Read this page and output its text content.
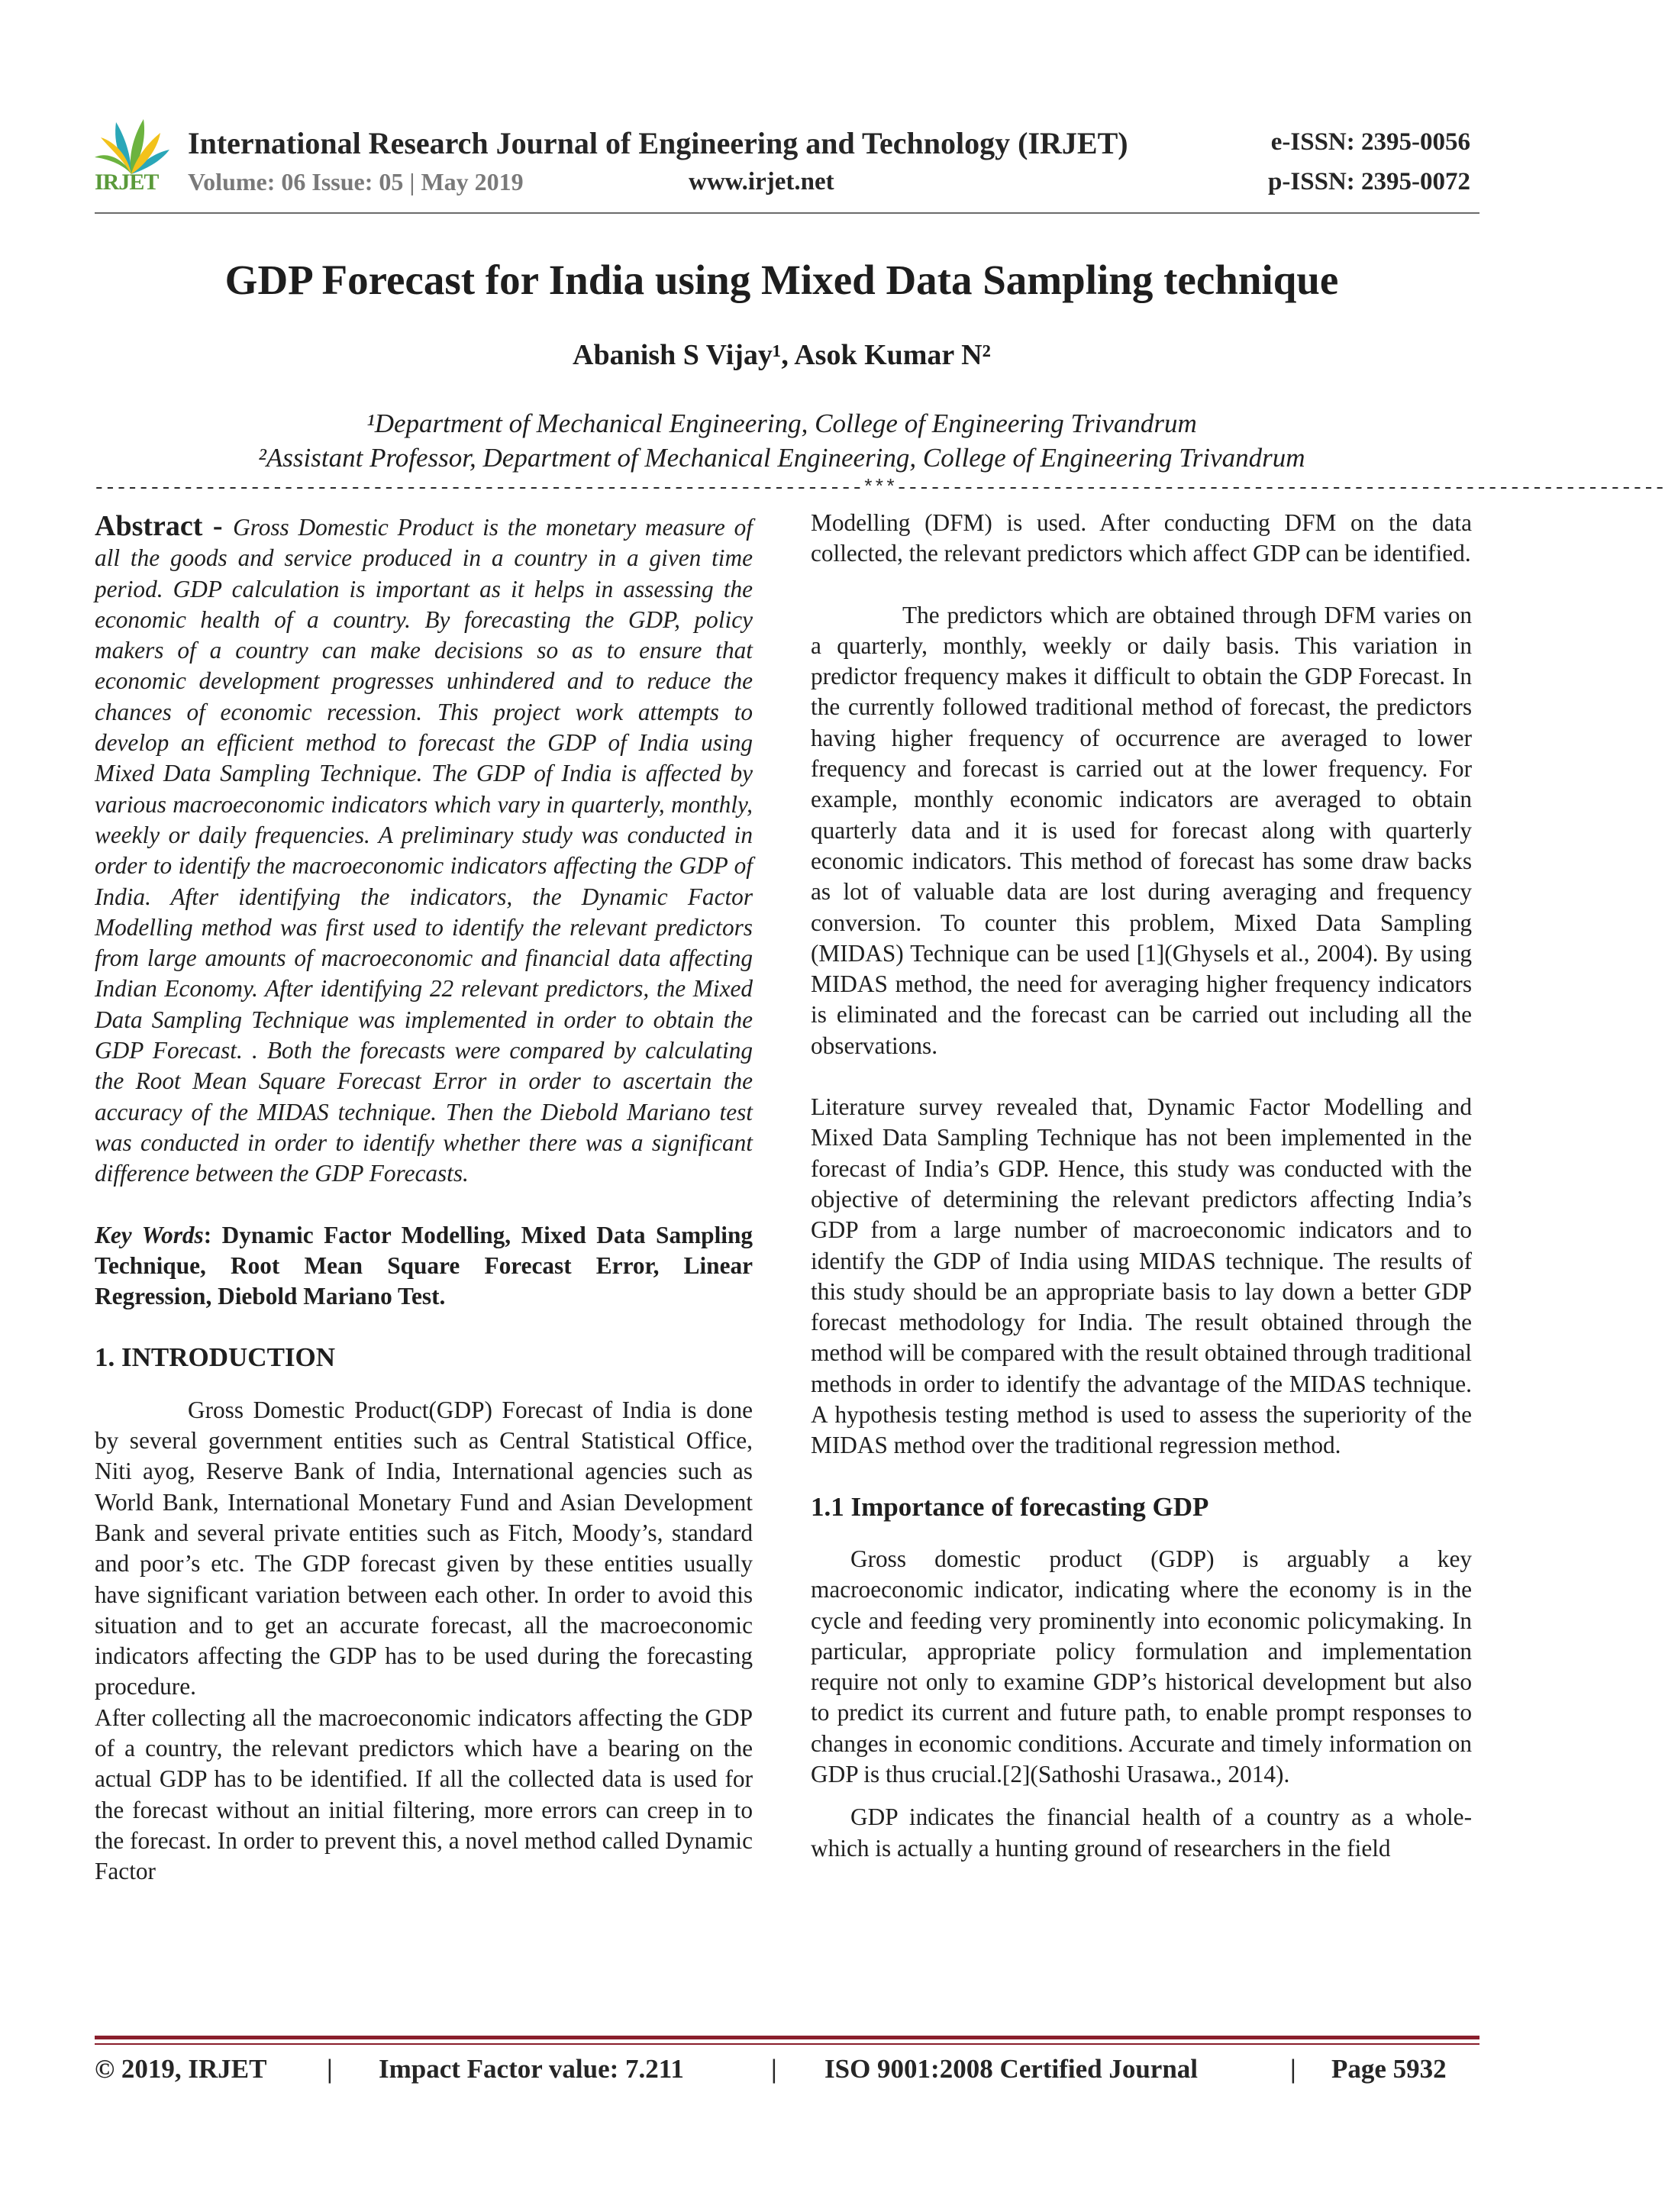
IRJET
International Research Journal of Engineering and Technology (IRJET)
Volume: 06 Issue: 05 | May 2019	www.irjet.net
e-ISSN: 2395-0056
p-ISSN: 2395-0072
GDP Forecast for India using Mixed Data Sampling technique
Abanish S Vijay¹, Asok Kumar N²
¹Department of Mechanical Engineering, College of Engineering Trivandrum
²Assistant Professor, Department of Mechanical Engineering, College of Engineering Trivandrum
---------------------------------------------------------------------***---------------------------------------------------------------------

Abstract - Gross Domestic Product is the monetary measure of all the goods and service produced in a country in a given time period. GDP calculation is important as it helps in assessing the economic health of a country. By forecasting the GDP, policy makers of a country can make decisions so as to ensure that economic development progresses unhindered and to reduce the chances of economic recession. This project work attempts to develop an efficient method to forecast the GDP of India using Mixed Data Sampling Technique. The GDP of India is affected by various macroeconomic indicators which vary in quarterly, monthly, weekly or daily frequencies. A preliminary study was conducted in order to identify the macroeconomic indicators affecting the GDP of India. After identifying the indicators, the Dynamic Factor Modelling method was first used to identify the relevant predictors from large amounts of macroeconomic and financial data affecting Indian Economy. After identifying 22 relevant predictors, the Mixed Data Sampling Technique was implemented in order to obtain the GDP Forecast. . Both the forecasts were compared by calculating the Root Mean Square Forecast Error in order to ascertain the accuracy of the MIDAS technique. Then the Diebold Mariano test was conducted in order to identify whether there was a significant difference between the GDP Forecasts.

Key Words: Dynamic Factor Modelling, Mixed Data Sampling Technique, Root Mean Square Forecast Error, Linear Regression, Diebold Mariano Test.

1. INTRODUCTION

Gross Domestic Product(GDP) Forecast of India is done by several government entities such as Central Statistical Office, Niti ayog, Reserve Bank of India, International agencies such as World Bank, International Monetary Fund and Asian Development Bank and several private entities such as Fitch, Moody’s, standard and poor’s etc. The GDP forecast given by these entities usually have significant variation between each other. In order to avoid this situation and to get an accurate forecast, all the macroeconomic indicators affecting the GDP has to be used during the forecasting procedure.

After collecting all the macroeconomic indicators affecting the GDP of a country, the relevant predictors which have a bearing on the actual GDP has to be identified. If all the collected data is used for the forecast without an initial filtering, more errors can creep in to the forecast. In order to prevent this, a novel method called Dynamic Factor

Modelling (DFM) is used. After conducting DFM on the data collected, the relevant predictors which affect GDP can be identified.

The predictors which are obtained through DFM varies on a quarterly, monthly, weekly or daily basis. This variation in predictor frequency makes it difficult to obtain the GDP Forecast. In the currently followed traditional method of forecast, the predictors having higher frequency of occurrence are averaged to lower frequency and forecast is carried out at the lower frequency. For example, monthly economic indicators are averaged to obtain quarterly data and it is used for forecast along with quarterly economic indicators. This method of forecast has some draw backs as lot of valuable data are lost during averaging and frequency conversion. To counter this problem, Mixed Data Sampling (MIDAS) Technique can be used [1](Ghysels et al., 2004). By using MIDAS method, the need for averaging higher frequency indicators is eliminated and the forecast can be carried out including all the observations.

Literature survey revealed that, Dynamic Factor Modelling and Mixed Data Sampling Technique has not been implemented in the forecast of India’s GDP. Hence, this study was conducted with the objective of determining the relevant predictors affecting India’s GDP from a large number of macroeconomic indicators and to identify the GDP of India using MIDAS technique. The results of this study should be an appropriate basis to lay down a better GDP forecast methodology for India. The result obtained through the method will be compared with the result obtained through traditional methods in order to identify the advantage of the MIDAS technique. A hypothesis testing method is used to assess the superiority of the MIDAS method over the traditional regression method.

1.1 Importance of forecasting GDP

Gross domestic product (GDP) is arguably a key macroeconomic indicator, indicating where the economy is in the cycle and feeding very prominently into economic policymaking. In particular, appropriate policy formulation and implementation require not only to examine GDP’s historical development but also to predict its current and future path, to enable prompt responses to changes in economic conditions. Accurate and timely information on GDP is thus crucial.[2](Sathoshi Urasawa., 2014).

GDP indicates the financial health of a country as a whole-which is actually a hunting ground of researchers in the field

© 2019, IRJET | Impact Factor value: 7.211	| ISO 9001:2008 Certified Journal	| Page 5932
